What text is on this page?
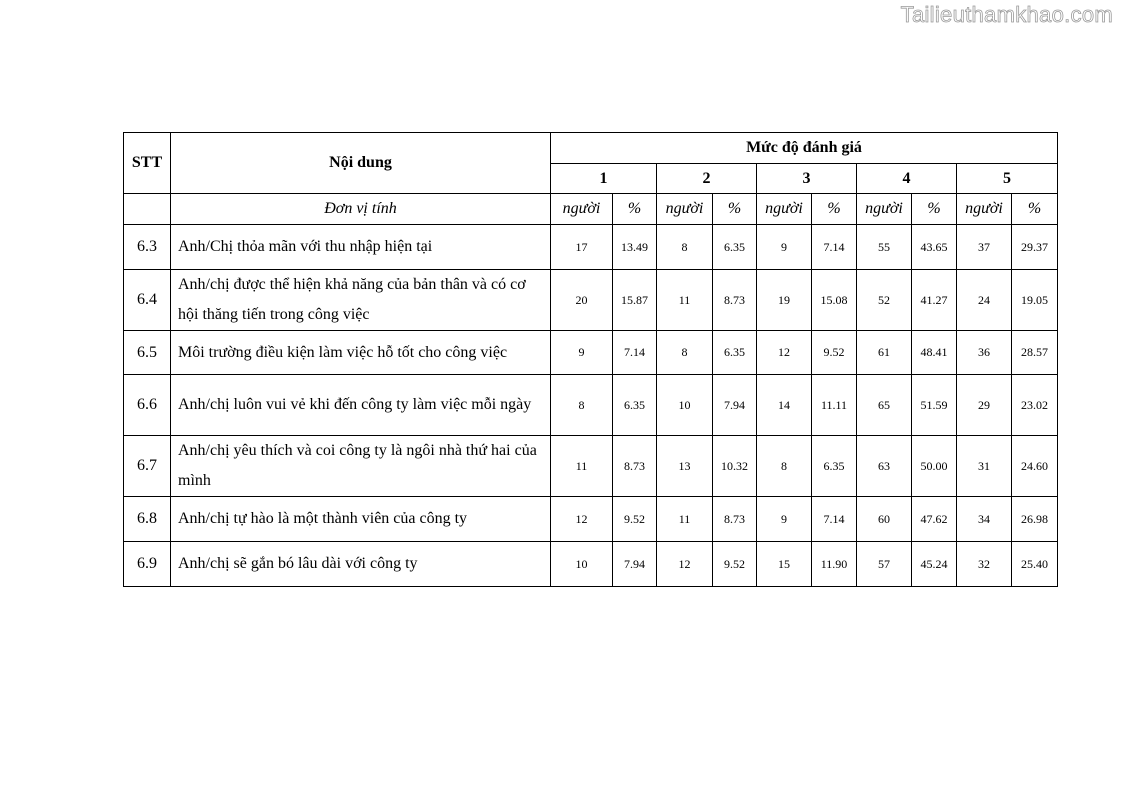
Tailieuthamkhao.com
STT	Nội dung	Mức độ đánh giá									
		1		2		3		4		5	
	Đơn vị tính	người	%	người	%	người	%	người	%	người	%
6.3	Anh/Chị thỏa mãn với thu nhập hiện tại	17	13.49	8	6.35	9	7.14	55	43.65	37	29.37
6.4	Anh/chị được thể hiện khả năng của bản thân và có cơ hội thăng tiến trong công việc	20	15.87	11	8.73	19	15.08	52	41.27	24	19.05
6.5	Môi trường điều kiện làm việc hỗ tốt cho công việc	9	7.14	8	6.35	12	9.52	61	48.41	36	28.57
6.6	Anh/chị luôn vui vẻ khi đến công ty làm việc mỗi ngày	8	6.35	10	7.94	14	11.11	65	51.59	29	23.02
6.7	Anh/chị yêu thích và coi công ty là ngôi nhà thứ hai của mình	11	8.73	13	10.32	8	6.35	63	50.00	31	24.60
6.8	Anh/chị tự hào là một thành viên của công ty	12	9.52	11	8.73	9	7.14	60	47.62	34	26.98
6.9	Anh/chị sẽ gắn bó lâu dài với công ty	10	7.94	12	9.52	15	11.90	57	45.24	32	25.40
